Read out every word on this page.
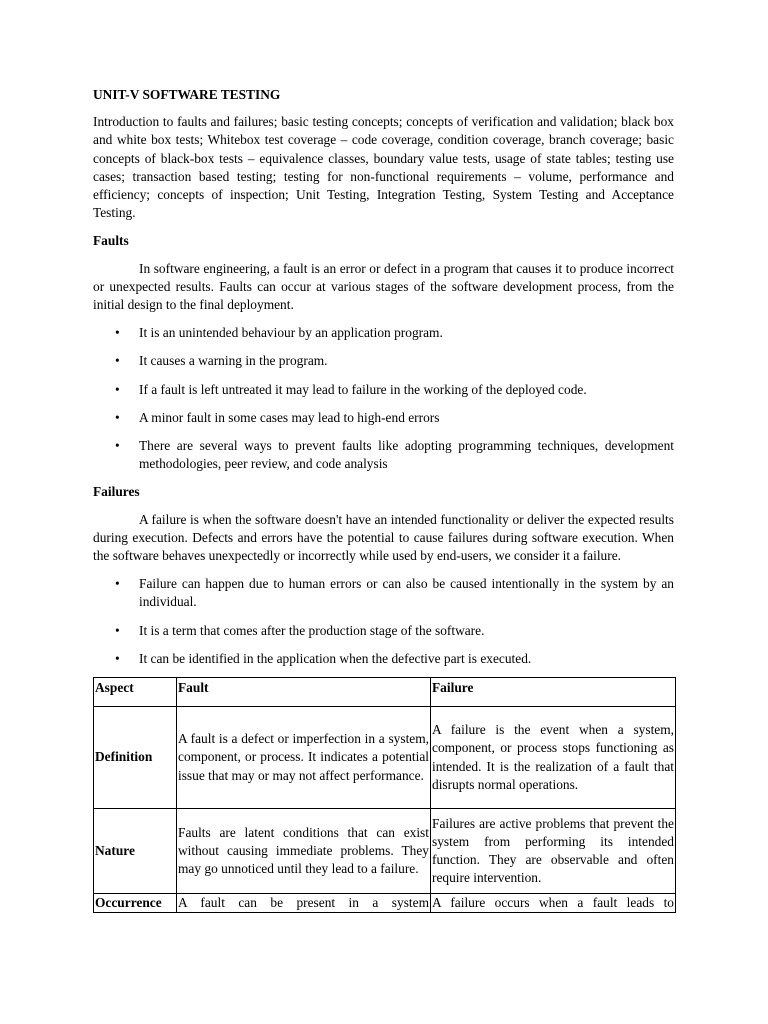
UNIT-V SOFTWARE TESTING

Introduction to faults and failures; basic testing concepts; concepts of verification and validation; black box and white box tests; Whitebox test coverage – code coverage, condition coverage, branch coverage; basic concepts of black-box tests – equivalence classes, boundary value tests, usage of state tables; testing use cases; transaction based testing; testing for non-functional requirements – volume, performance and efficiency; concepts of inspection; Unit Testing, Integration Testing, System Testing and Acceptance Testing.

Faults

In software engineering, a fault is an error or defect in a program that causes it to produce incorrect or unexpected results. Faults can occur at various stages of the software development process, from the initial design to the final deployment.

• It is an unintended behaviour by an application program.
• It causes a warning in the program.
• If a fault is left untreated it may lead to failure in the working of the deployed code.
• A minor fault in some cases may lead to high-end errors
• There are several ways to prevent faults like adopting programming techniques, development methodologies, peer review, and code analysis

Failures

A failure is when the software doesn't have an intended functionality or deliver the expected results during execution. Defects and errors have the potential to cause failures during software execution. When the software behaves unexpectedly or incorrectly while used by end-users, we consider it a failure.

• Failure can happen due to human errors or can also be caused intentionally in the system by an individual.
• It is a term that comes after the production stage of the software.
• It can be identified in the application when the defective part is executed.
Aspect	Fault	Failure
Definition	A fault is a defect or imperfection in a system, component, or process. It indicates a potential issue that may or may not affect performance.	A failure is the event when a system, component, or process stops functioning as intended. It is the realization of a fault that disrupts normal operations.
Nature	Faults are latent conditions that can exist without causing immediate problems. They may go unnoticed until they lead to a failure.	Failures are active problems that prevent the system from performing its intended function. They are observable and often require intervention.

Occurrence	A fault can be present in a system	A failure occurs when a fault leads to
